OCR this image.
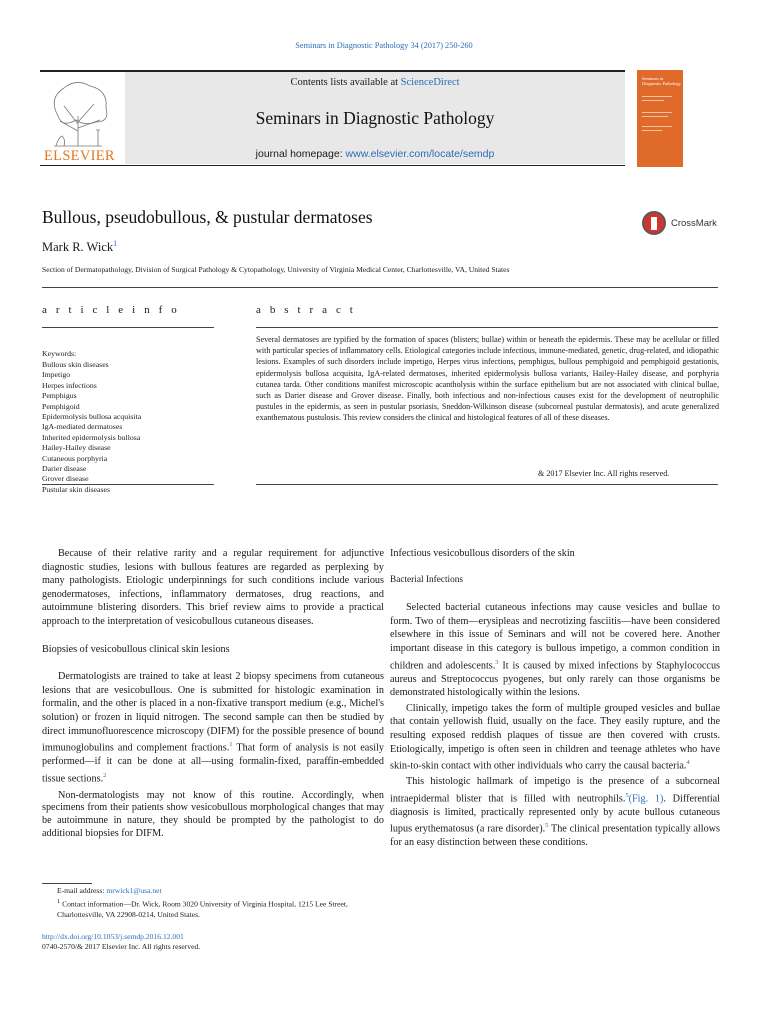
Seminars in Diagnostic Pathology 34 (2017) 250-260
ELSEVIER
Contents lists available at ScienceDirect
Seminars in Diagnostic Pathology
journal homepage: www.elsevier.com/locate/semdp
Seminars in Diagnostic Pathology
Bullous, pseudobullous, & pustular dermatoses	CrossMark
Mark R. Wick$^1$
Section of Dermatopathology, Division of Surgical Pathology & Cytopathology, University of Virginia Medical Center, Charlottesville, VA, United States
a r t i c l e i n f o	a b s t r a c t
Keywords:
Bullous skin diseases
Impetigo
Herpes infections
Pemphigus
Pemphigoid
Epidermolysis bullosa acquisita
IgA-mediated dermatoses
Inherited epidermolysis bullosa
Hailey-Hailey disease
Cutaneous porphyria
Darier disease
Grover disease
Pustular skin diseases
Several dermatoses are typified by the formation of spaces (blisters; bullae) within or beneath the epidermis. These may be acellular or filled with particular species of inflammatory cells. Etiological categories include infectious, immune-mediated, genetic, drug-related, and idiopathic lesions. Examples of such disorders include impetigo, Herpes virus infections, pemphigus, bullous pemphigoid and pemphigoid gestationis, epidermolysis bullosa acquisita, IgA-related dermatoses, inherited epidermolysis bullosa variants, Hailey-Hailey disease, and porphyria cutanea tarda. Other conditions manifest microscopic acantholysis within the surface epithelium but are not associated with clinical bullae, such as Darier disease and Grover disease. Finally, both infectious and non-infectious causes exist for the development of neutrophilic pustules in the epidermis, as seen in pustular psoriasis, Sneddon-Wilkinson disease (subcorneal pustular dermatosis), and acute generalized exanthematous pustulosis. This review considers the clinical and histological features of all of these diseases.
& 2017 Elsevier Inc. All rights reserved.

Because of their relative rarity and a regular requirement for adjunctive diagnostic studies, lesions with bullous features are regarded as perplexing by many pathologists. Etiologic underpinnings for such conditions include various genodermatoses, infections, inflammatory dermatoses, drug reactions, and autoimmune blistering disorders. This brief review aims to provide a practical approach to the interpretation of vesicobullous cutaneous diseases.

Biopsies of vesicobullous clinical skin lesions

Dermatologists are trained to take at least 2 biopsy specimens from cutaneous lesions that are vesicobullous. One is submitted for histologic examination in formalin, and the other is placed in a non-fixative transport medium (e.g., Michel's solution) or frozen in liquid nitrogen. The second sample can then be studied by direct immunofluorescence microscopy (DIFM) for the possible presence of bound immunoglobulins and complement fractions.$^1$ That form of analysis is not easily performed—if it can be done at all—using formalin-fixed, paraffin-embedded tissue sections.$^2$

Non-dermatologists may not know of this routine. Accordingly, when specimens from their patients show vesicobullous morphological changes that may be autoimmune in nature, they should be prompted by the pathologist to do additional biopsies for DIFM.

Infectious vesicobullous disorders of the skin
Bacterial Infections

Selected bacterial cutaneous infections may cause vesicles and bullae to form. Two of them—erysipleas and necrotizing fasciitis—have been considered elsewhere in this issue of Seminars and will not be covered here. Another important disease in this category is bullous impetigo, a common condition in children and adolescents.$^3$ It is caused by mixed infections by Staphylococcus aureus and Streptococcus pyogenes, but only rarely can those organisms be demonstrated histologically within the lesions.

Clinically, impetigo takes the form of multiple grouped vesicles and bullae that contain yellowish fluid, usually on the face. They easily rupture, and the resulting exposed reddish plaques of tissue are then covered with crusts. Etiologically, impetigo is often seen in children and teenage athletes who have skin-to-skin contact with other individuals who carry the causal bacteria.$^4$

This histologic hallmark of impetigo is the presence of a subcorneal intraepidermal blister that is filled with neutrophils.$^5$(Fig. 1). Differential diagnosis is limited, practically represented only by acute bullous cutaneous lupus erythematosus (a rare disorder).$^5$ The clinical presentation typically allows for an easy distinction between these conditions.

E-mail address: mrwick1@usa.net
$^1$ Contact information—Dr. Wick, Room 3020 University of Virginia Hospital, 1215 Lee Street, Charlottesville, VA 22908-0214, United States.
http://dx.doi.org/10.1053/j.semdp.2016.12.001
0740-2570/& 2017 Elsevier Inc. All rights reserved.
